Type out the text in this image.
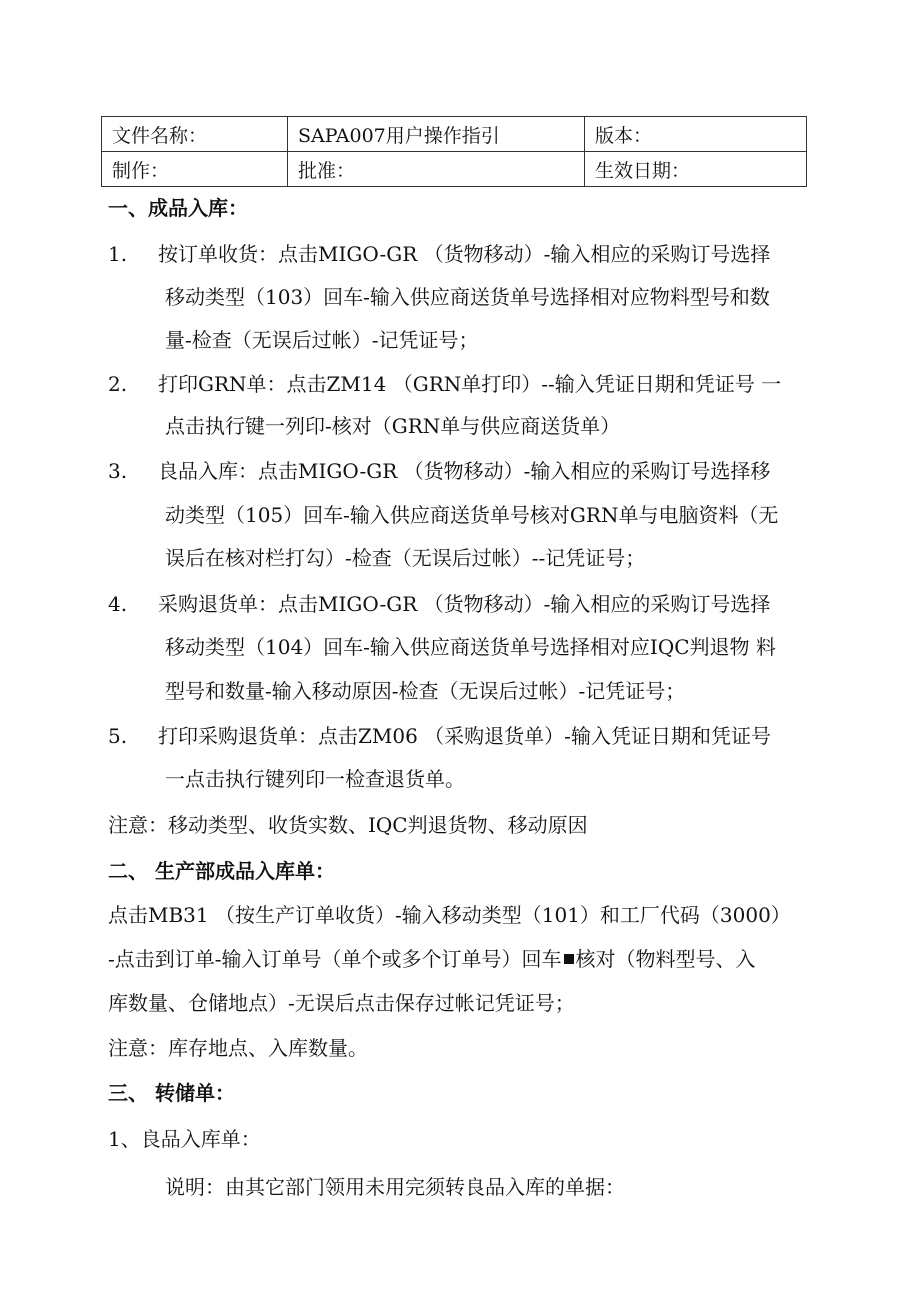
文件名称：	SAPA007用户操作指引	版本：
制作：	批准：	生效日期：
一、成品入库：
1. 按订单收货：点击MIGO-GR （货物移动）-输入相应的采购订号选择
移动类型（103）回车-输入供应商送货单号选择相对应物料型号和数
量-检查（无误后过帐）-记凭证号；
2. 打印GRN单：点击ZM14 （GRN单打印）--输入凭证日期和凭证号 一
点击执行键一列印-核对（GRN单与供应商送货单）
3. 良品入库：点击MIGO-GR （货物移动）-输入相应的采购订号选择移
动类型（105）回车-输入供应商送货单号核对GRN单与电脑资料（无
误后在核对栏打勾）-检查（无误后过帐）--记凭证号；
4. 采购退货单：点击MIGO-GR （货物移动）-输入相应的采购订号选择
移动类型（104）回车-输入供应商送货单号选择相对应IQC判退物 料
型号和数量-输入移动原因-检查（无误后过帐）-记凭证号；
5. 打印采购退货单：点击ZM06 （采购退货单）-输入凭证日期和凭证号
一点击执行键列印一检查退货单。
注意：移动类型、收货实数、IQC判退货物、移动原因
二、 生产部成品入库单：
点击MB31 （按生产订单收货）-输入移动类型（101）和工厂代码（3000）
-点击到订单-输入订单号（单个或多个订单号）回车 核对（物料型号、入
库数量、仓储地点）-无误后点击保存过帐记凭证号；
注意：库存地点、入库数量。
三、 转储单：
1、良品入库单：
说明：由其它部门领用未用完须转良品入库的单据：
